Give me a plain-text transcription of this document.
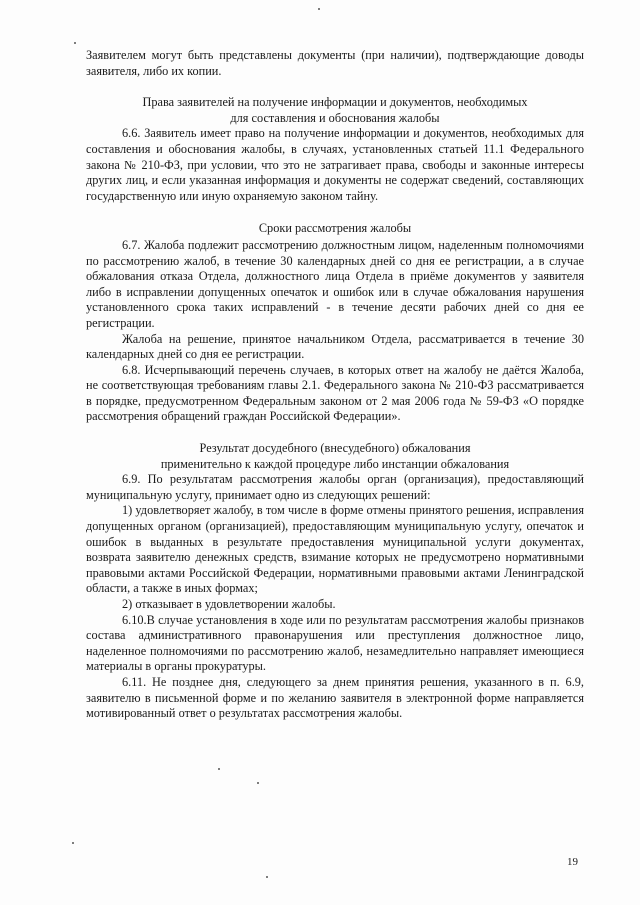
Заявителем могут быть представлены документы (при наличии), подтверждающие доводы заявителя, либо их копии.

Права заявителей на получение информации и документов, необходимых
для составления и обоснования жалобы

6.6. Заявитель имеет право на получение информации и документов, необходимых для составления и обоснования жалобы, в случаях, установленных статьей 11.1 Федерального закона № 210-ФЗ, при условии, что это не затрагивает права, свободы и законные интересы других лиц, и если указанная информация и документы не содержат сведений, составляющих государственную или иную охраняемую законом тайну.

Сроки рассмотрения жалобы

6.7. Жалоба подлежит рассмотрению должностным лицом, наделенным полномочиями по рассмотрению жалоб, в течение 30 календарных дней со дня ее регистрации, а в случае обжалования отказа Отдела, должностного лица Отдела в приёме документов у заявителя либо в исправлении допущенных опечаток и ошибок или в случае обжалования нарушения установленного срока таких исправлений - в течение десяти рабочих дней со дня ее регистрации.

Жалоба на решение, принятое начальником Отдела, рассматривается в течение 30 календарных дней со дня ее регистрации.

6.8. Исчерпывающий перечень случаев, в которых ответ на жалобу не даётся Жалоба, не соответствующая требованиям главы 2.1. Федерального закона № 210-ФЗ рассматривается в порядке, предусмотренном Федеральным законом от 2 мая 2006 года № 59-ФЗ «О порядке рассмотрения обращений граждан Российской Федерации».

Результат досудебного (внесудебного) обжалования
применительно к каждой процедуре либо инстанции обжалования

6.9. По результатам рассмотрения жалобы орган (организация), предоставляющий муниципальную услугу, принимает одно из следующих решений:

1) удовлетворяет жалобу, в том числе в форме отмены принятого решения, исправления допущенных органом (организацией), предоставляющим муниципальную услугу, опечаток и ошибок в выданных в результате предоставления муниципальной услуги документах, возврата заявителю денежных средств, взимание которых не предусмотрено нормативными правовыми актами Российской Федерации, нормативными правовыми актами Ленинградской области, а также в иных формах;

2) отказывает в удовлетворении жалобы.

6.10.В случае установления в ходе или по результатам рассмотрения жалобы признаков состава административного правонарушения или преступления должностное лицо, наделенное полномочиями по рассмотрению жалоб, незамедлительно направляет имеющиеся материалы в органы прокуратуры.

6.11. Не позднее дня, следующего за днем принятия решения, указанного в п. 6.9, заявителю в письменной форме и по желанию заявителя в электронной форме направляется мотивированный ответ о результатах рассмотрения жалобы.

19
